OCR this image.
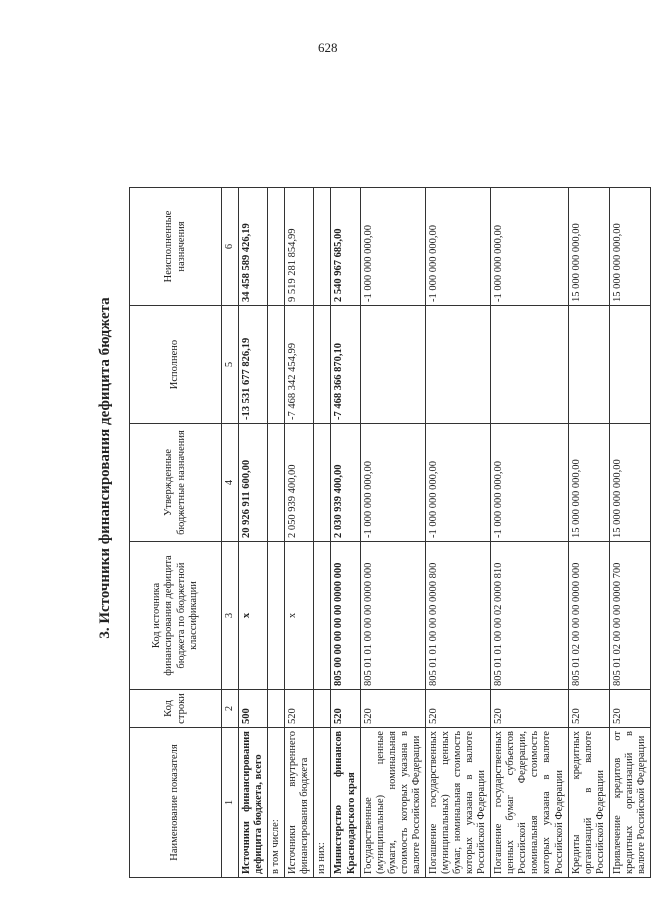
628
3. Источники финансирования дефицита бюджета
Наименование показателя	Код строки	Код источника финансирования дефицита бюджета по бюджетной классификации	Утвержденные бюджетные назначения	Исполнено	Неисполненные назначения
1	2	3	4	5	6
Источники финансирования дефицита бюджета, всего	500	х	20 926 911 600,00	-13 531 677 826,19	34 458 589 426,19
в том числе:					
Источники внутреннего финансирования бюджета	520	х	2 050 939 400,00	-7 468 342 454,99	9 519 281 854,99
из них:					
Министерство финансов Краснодарского края	520	805 00 00 00 00 00 0000 000	2 030 939 400,00	-7 468 366 870,10	2 540 967 685,00
Государственные (муниципальные) ценные бумаги, номинальная стоимость которых указана в валюте Российской Федерации	520	805 01 01 00 00 00 0000 000	-1 000 000 000,00		-1 000 000 000,00
Погашение государственных (муниципальных) ценных бумаг, номинальная стоимость которых указана в валюте Российской Федерации	520	805 01 01 00 00 00 0000 800	-1 000 000 000,00		-1 000 000 000,00
Погашение государственных ценных бумаг субъектов Российской Федерации, номинальная стоимость которых указана в валюте Российской Федерации	520	805 01 01 00 00 02 0000 810	-1 000 000 000,00		-1 000 000 000,00
Кредиты кредитных организаций в валюте Российской Федерации	520	805 01 02 00 00 00 0000 000	15 000 000 000,00		15 000 000 000,00
Привлечение кредитов от кредитных организаций в валюте Российской Федерации	520	805 01 02 00 00 00 0000 700	15 000 000 000,00		15 000 000 000,00
